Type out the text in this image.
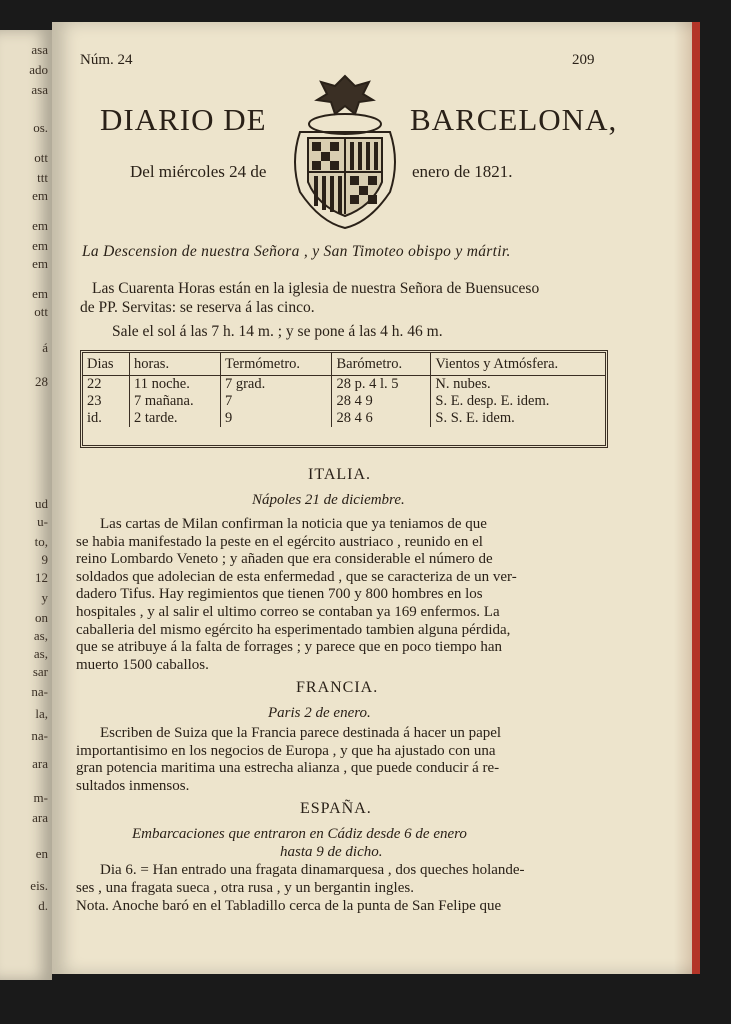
asa
ado
asa
os.
ott
ttt
em
em
em
em
em
ott
á
28
ud
u-
to,
9
12
y
on
as,
as,
sar
na-
la,
na-
ara
m-
ara
en
eis.
d.
Núm. 24	209
DIARIO DE	BARCELONA,
Del miércoles 24 de	enero de 1821.
La Descension de nuestra Señora , y San Timoteo obispo y mártir.
Las Cuarenta Horas están en la iglesia de nuestra Señora de Buensuceso
de PP. Servitas: se reserva á las cinco.
Sale el sol á las 7 h. 14 m. ; y se pone á las 4 h. 46 m.
Dias	horas.	Termómetro.	Barómetro.	Vientos y Atmósfera.
22	11 noche.	7 grad.	28 p. 4 l. 5	N. nubes.
23	7 mañana.	7	28 4 9	S. E. desp. E. idem.
id.	2 tarde.	9	28 4 6	S. S. E. idem.
ITALIA.
Nápoles 21 de diciembre.
Las cartas de Milan confirman la noticia que ya teniamos de que
se habia manifestado la peste en el egército austriaco , reunido en el
reino Lombardo Veneto ; y añaden que era considerable el número de
soldados que adolecian de esta enfermedad , que se caracteriza de un ver-
dadero Tifus. Hay regimientos que tienen 700 y 800 hombres en los
hospitales , y al salir el ultimo correo se contaban ya 169 enfermos. La
caballeria del mismo egército ha esperimentado tambien alguna pérdida,
que se atribuye á la falta de forrages ; y parece que en poco tiempo han
muerto 1500 caballos.
FRANCIA.
Paris 2 de enero.
Escriben de Suiza que la Francia parece destinada á hacer un papel
importantisimo en los negocios de Europa , y que ha ajustado con una
gran potencia maritima una estrecha alianza , que puede conducir á re-
sultados inmensos.
ESPAÑA.
Embarcaciones que entraron en Cádiz desde 6 de enero
hasta 9 de dicho.
Dia 6. = Han entrado una fragata dinamarquesa , dos queches holande-
ses , una fragata sueca , otra rusa , y un bergantin ingles.
Nota. Anoche baró en el Tabladillo cerca de la punta de San Felipe que
